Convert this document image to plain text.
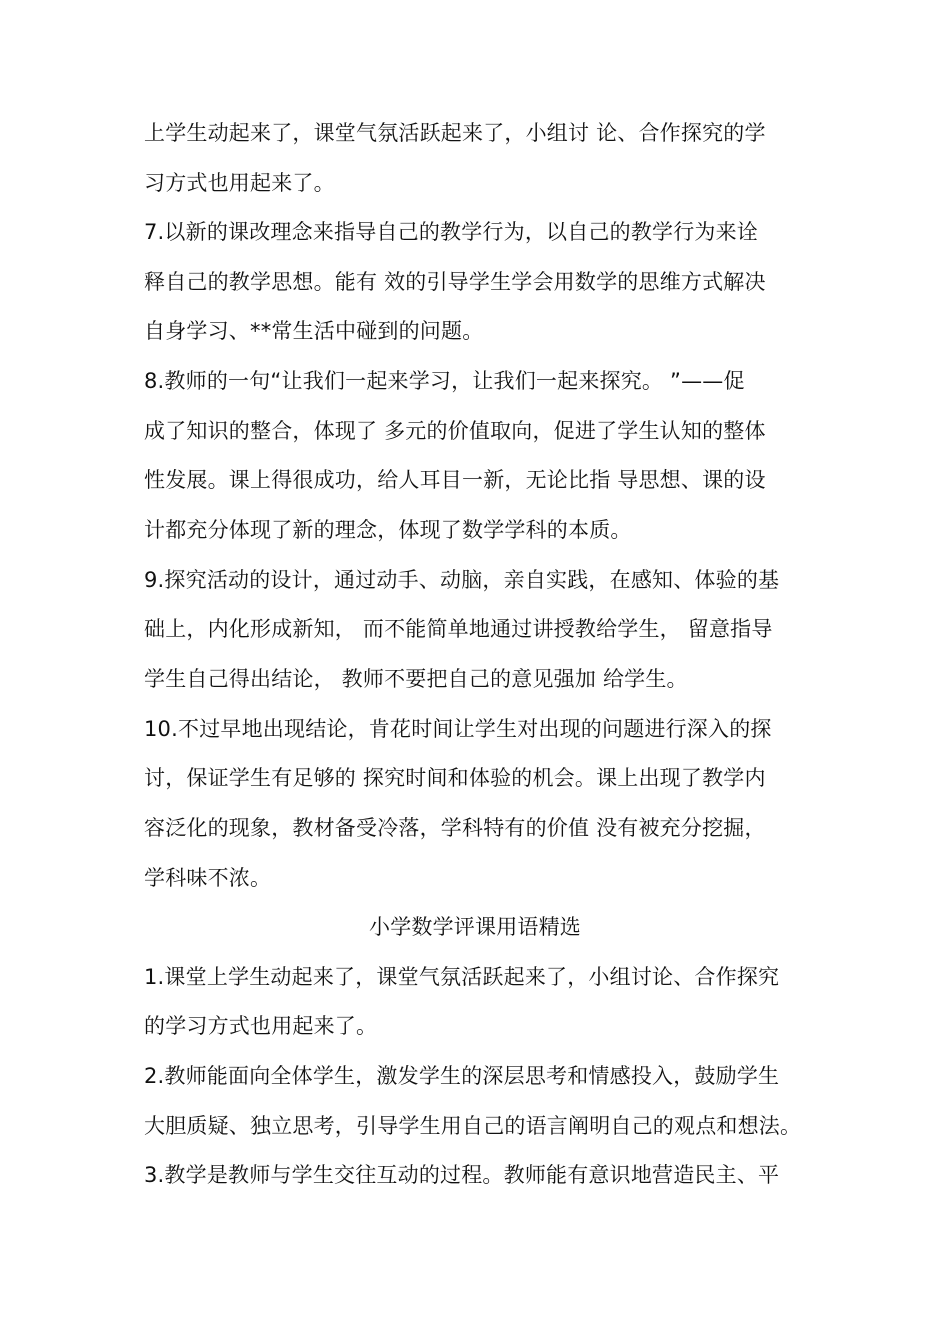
上学生动起来了，课堂气氛活跃起来了，小组讨 论、合作探究的学
习方式也用起来了。
7.以新的课改理念来指导自己的教学行为，以自己的教学行为来诠
释自己的教学思想。能有 效的引导学生学会用数学的思维方式解决
自身学习、**常生活中碰到的问题。
8.教师的一句“让我们一起来学习，让我们一起来探究。 ”——促
成了知识的整合，体现了 多元的价值取向，促进了学生认知的整体
性发展。课上得很成功，给人耳目一新，无论比指 导思想、课的设
计都充分体现了新的理念，体现了数学学科的本质。
9.探究活动的设计，通过动手、动脑，亲自实践，在感知、体验的基
础上，内化形成新知， 而不能简单地通过讲授教给学生， 留意指导
学生自己得出结论， 教师不要把自己的意见强加 给学生。
10.不过早地出现结论，肯花时间让学生对出现的问题进行深入的探
讨，保证学生有足够的 探究时间和体验的机会。课上出现了教学内
容泛化的现象，教材备受冷落，学科特有的价值 没有被充分挖掘，
学科味不浓。
小学数学评课用语精选
1.课堂上学生动起来了，课堂气氛活跃起来了，小组讨论、合作探究
的学习方式也用起来了。
2.教师能面向全体学生，激发学生的深层思考和情感投入，鼓励学生
大胆质疑、独立思考，引导学生用自己的语言阐明自己的观点和想法。
3.教学是教师与学生交往互动的过程。教师能有意识地营造民主、平
